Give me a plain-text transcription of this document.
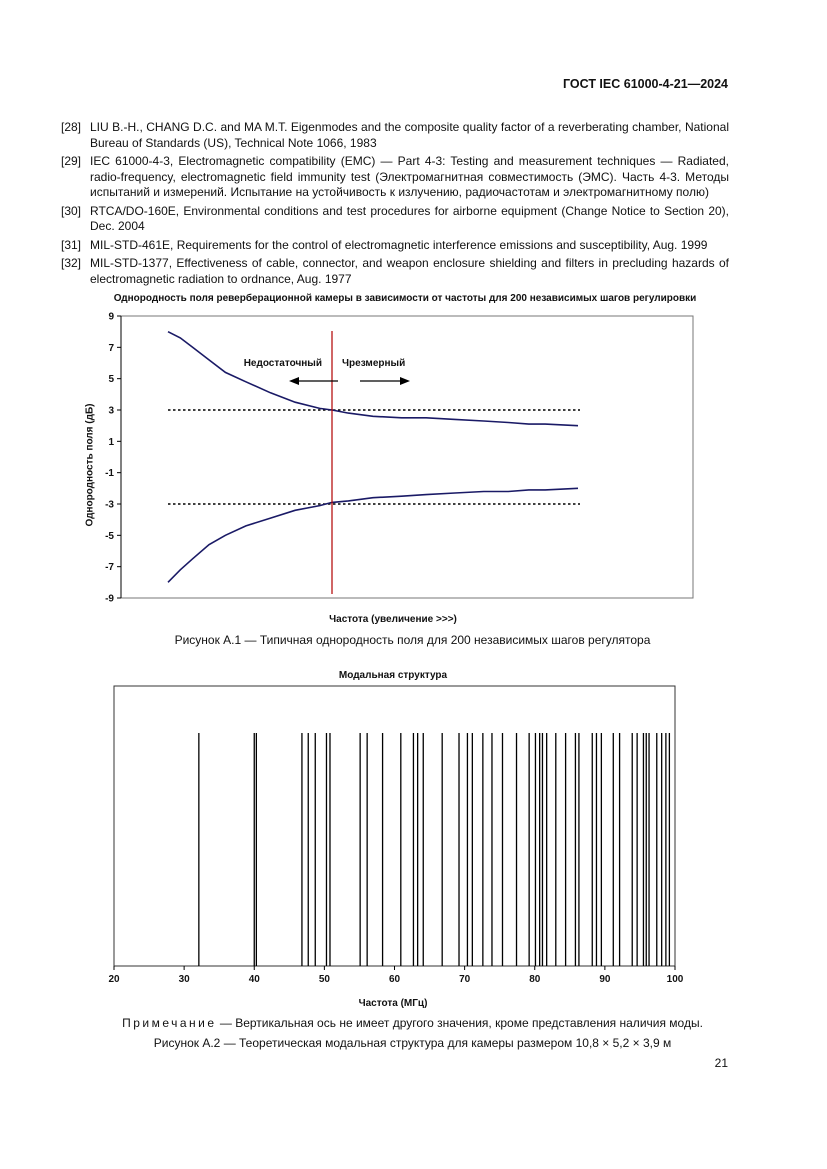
ГОСТ IEC 61000-4-21—2024
[28] LIU B.-H., CHANG D.C. and MA M.T. Eigenmodes and the composite quality factor of a reverberating chamber, National Bureau of Standards (US), Technical Note 1066, 1983
[29] IEC 61000-4-3, Electromagnetic compatibility (EMC) — Part 4-3: Testing and measurement techniques — Radiated, radio-frequency, electromagnetic field immunity test (Электромагнитная совместимость (ЭМС). Часть 4-3. Методы испытаний и измерений. Испытание на устойчивость к излучению, радиочастотам и электромагнитному полю)
[30] RTCA/DO-160E, Environmental conditions and test procedures for airborne equipment (Change Notice to Section 20), Dec. 2004
[31] MIL-STD-461E, Requirements for the control of electromagnetic interference emissions and susceptibility, Aug. 1999
[32] MIL-STD-1377, Effectiveness of cable, connector, and weapon enclosure shielding and filters in precluding hazards of electromagnetic radiation to ordnance, Aug. 1977
Однородность поля реверберационной камеры в зависимости от частоты для 200 независимых шагов регулировки
Однородность поля (дБ)
Частота (увеличение >>>)
9
7
5
3
1
-1
-3
-5
-7
-9
Недостаточный Чрезмерный
Рисунок А.1 — Типичная однородность поля для 200 независимых шагов регулятора
Модальная структура
20	30	40	50	60	70	80	90	100
Частота (МГц)
Примечание — Вертикальная ось не имеет другого значения, кроме представления наличия моды.
Рисунок А.2 — Теоретическая модальная структура для камеры размером 10,8 × 5,2 × 3,9 м
21
